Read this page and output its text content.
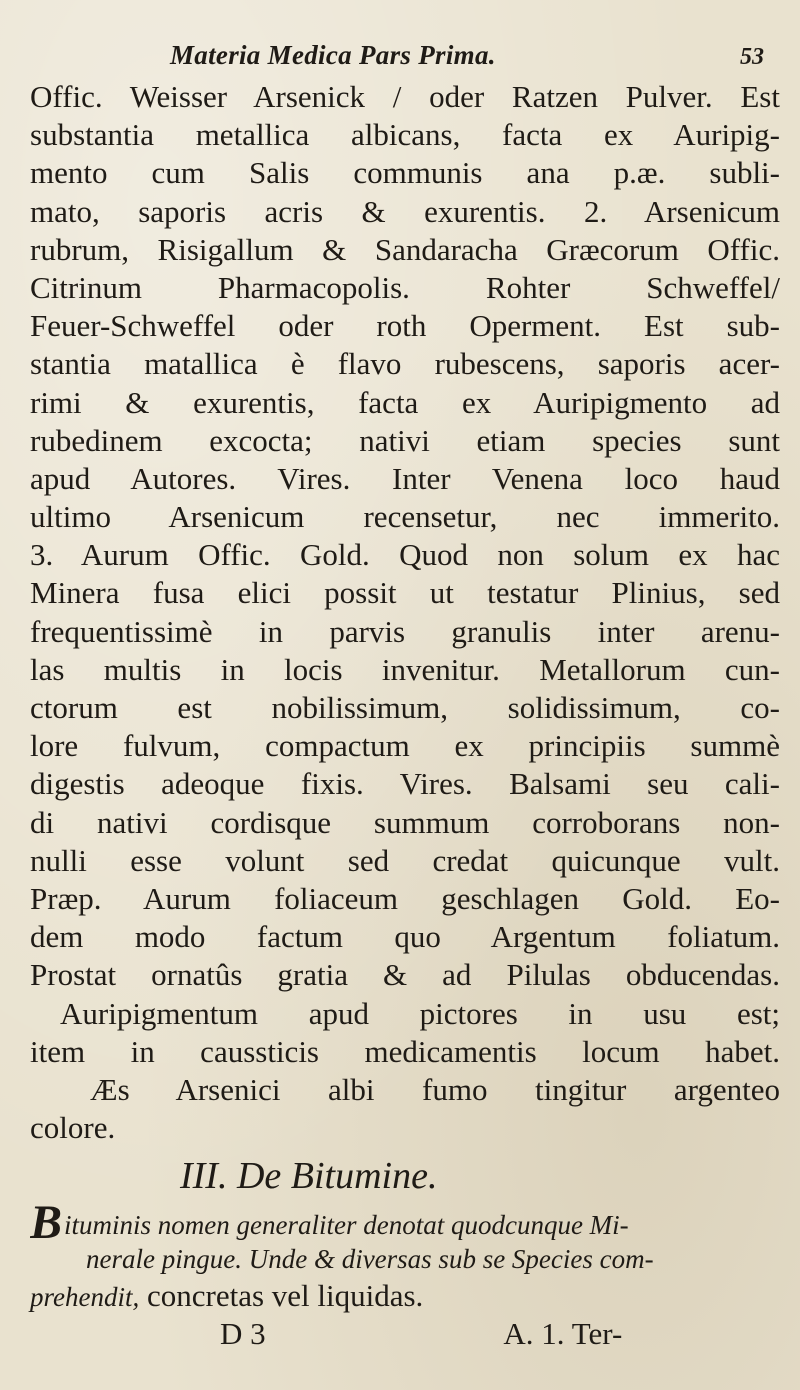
Materia Medica Pars Prima.	53
Offic. Weisser Arsenick / oder Ratzen Pulver. Est
substantia metallica albicans, facta ex Auripig-
mento cum Salis communis ana p.æ. subli-
mato, saporis acris & exurentis. 2. Arsenicum
rubrum, Risigallum & Sandaracha Græcorum Offic.
Citrinum Pharmacopolis. Rohter Schweffel/
Feuer-Schweffel oder roth Operment. Est sub-
stantia matallica è flavo rubescens, saporis acer-
rimi & exurentis, facta ex Auripigmento ad
rubedinem excocta; nativi etiam species sunt
apud Autores. Vires. Inter Venena loco haud
ultimo Arsenicum recensetur, nec immerito.
3. Aurum Offic. Gold. Quod non solum ex hac
Minera fusa elici possit ut testatur Plinius, sed
frequentissimè in parvis granulis inter arenu-
las multis in locis invenitur. Metallorum cun-
ctorum est nobilissimum, solidissimum, co-
lore fulvum, compactum ex principiis summè
digestis adeoque fixis. Vires. Balsami seu cali-
di nativi cordisque summum corroborans non-
nulli esse volunt sed credat quicunque vult.
Præp. Aurum foliaceum geschlagen Gold. Eo-
dem modo factum quo Argentum foliatum.
Prostat ornatûs gratia & ad Pilulas obducendas.
Auripigmentum apud pictores in usu est;
item in caussticis medicamentis locum habet.
Æs Arsenici albi fumo tingitur argenteo
colore.
III. De Bitumine.
Bituminis nomen generaliter denotat quodcunque Mi-
nerale pingue. Unde & diversas sub se Species com-
prehendit, concretas vel liquidas.
D 3	A. 1. Ter-
